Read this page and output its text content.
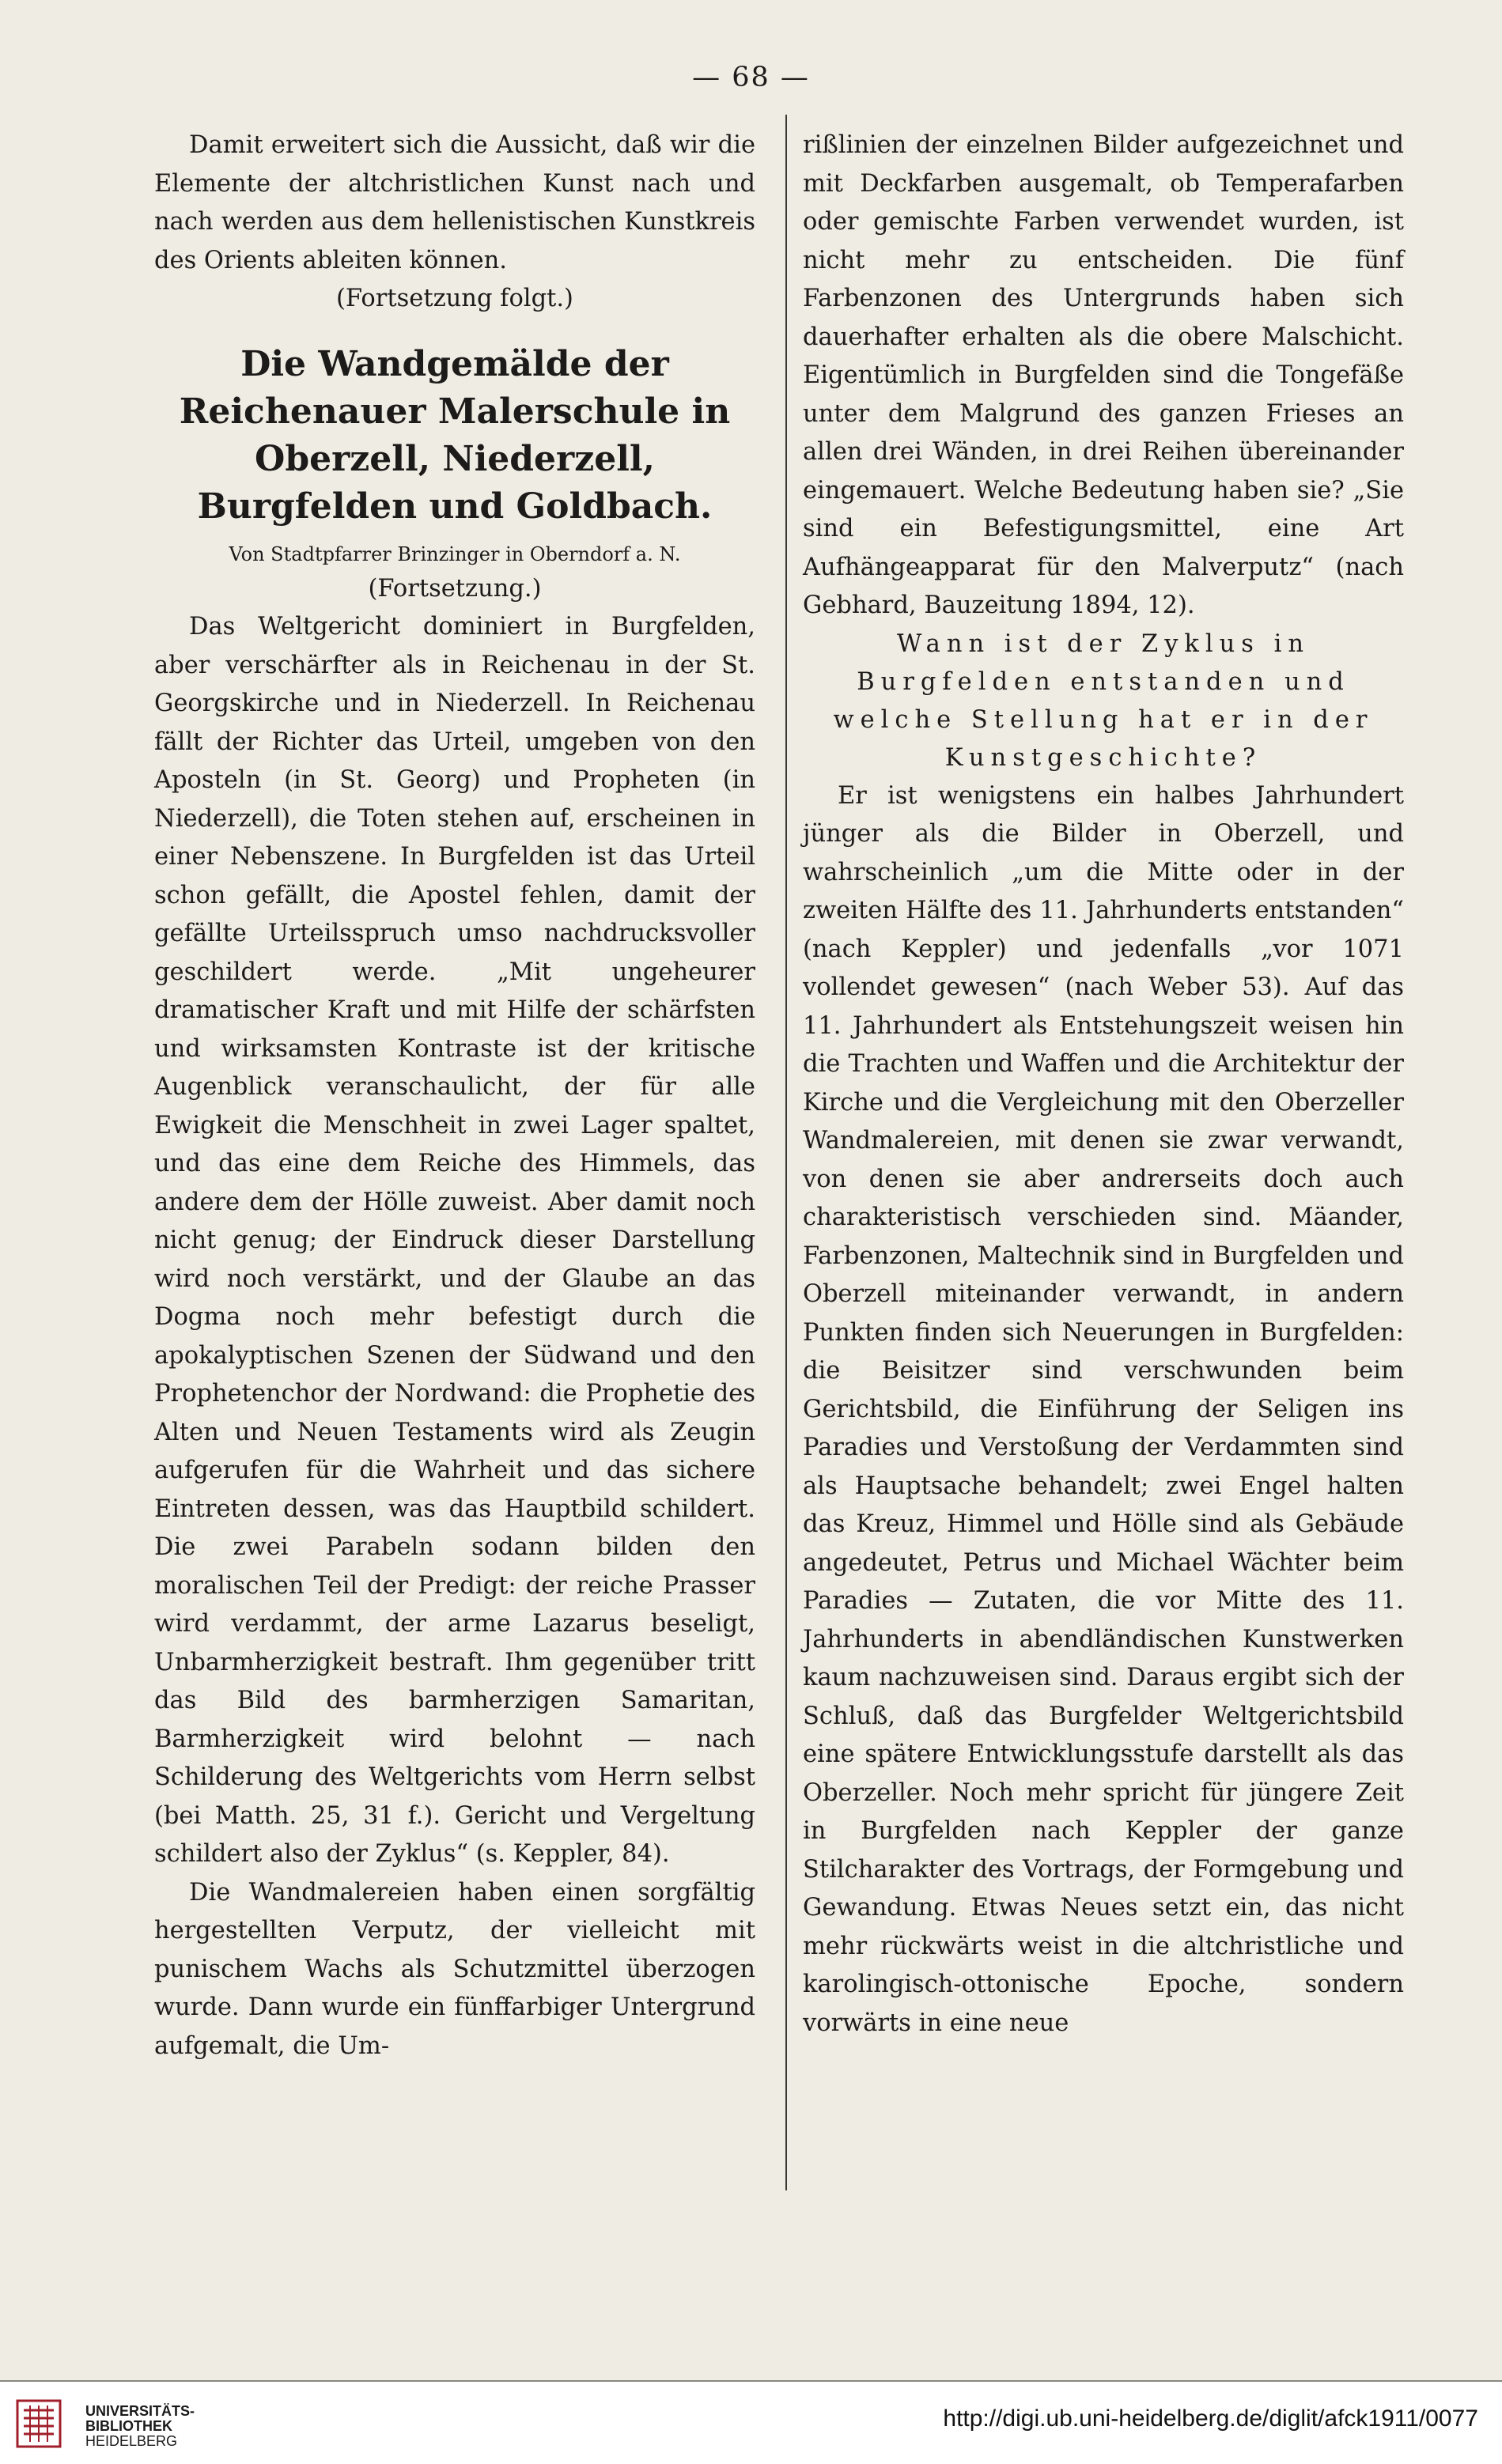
— 68 —

Damit erweitert sich die Aussicht, daß wir die Elemente der altchristlichen Kunst nach und nach werden aus dem hellenistischen Kunstkreis des Orients ableiten können.

(Fortsetzung folgt.)

Die Wandgemälde der Reichenauer Malerschule in Oberzell, Niederzell, Burgfelden und Goldbach.

Von Stadtpfarrer Brinzinger in Oberndorf a. N.

(Fortsetzung.)

Das Weltgericht dominiert in Burgfelden, aber verschärfter als in Reichenau in der St. Georgskirche und in Niederzell. In Reichenau fällt der Richter das Urteil, umgeben von den Aposteln (in St. Georg) und Propheten (in Niederzell), die Toten stehen auf, erscheinen in einer Nebenszene. In Burgfelden ist das Urteil schon gefällt, die Apostel fehlen, damit der gefällte Urteilsspruch umso nachdrucksvoller geschildert werde. „Mit ungeheurer dramatischer Kraft und mit Hilfe der schärfsten und wirksamsten Kontraste ist der kritische Augenblick veranschaulicht, der für alle Ewigkeit die Menschheit in zwei Lager spaltet, und das eine dem Reiche des Himmels, das andere dem der Hölle zuweist. Aber damit noch nicht genug; der Eindruck dieser Darstellung wird noch verstärkt, und der Glaube an das Dogma noch mehr befestigt durch die apokalyptischen Szenen der Südwand und den Prophetenchor der Nordwand: die Prophetie des Alten und Neuen Testaments wird als Zeugin aufgerufen für die Wahrheit und das sichere Eintreten dessen, was das Hauptbild schildert. Die zwei Parabeln sodann bilden den moralischen Teil der Predigt: der reiche Prasser wird verdammt, der arme Lazarus beseligt, Unbarmherzigkeit bestraft. Ihm gegenüber tritt das Bild des barmherzigen Samaritan, Barmherzigkeit wird belohnt — nach Schilderung des Weltgerichts vom Herrn selbst (bei Matth. 25, 31 f.). Gericht und Vergeltung schildert also der Zyklus“ (s. Keppler, 84).

Die Wandmalereien haben einen sorgfältig hergestellten Verputz, der vielleicht mit punischem Wachs als Schutzmittel überzogen wurde. Dann wurde ein fünffarbiger Untergrund aufgemalt, die Um-

rißlinien der einzelnen Bilder aufgezeichnet und mit Deckfarben ausgemalt, ob Temperafarben oder gemischte Farben verwendet wurden, ist nicht mehr zu entscheiden. Die fünf Farbenzonen des Untergrunds haben sich dauerhafter erhalten als die obere Malschicht. Eigentümlich in Burgfelden sind die Tongefäße unter dem Malgrund des ganzen Frieses an allen drei Wänden, in drei Reihen übereinander eingemauert. Welche Bedeutung haben sie? „Sie sind ein Befestigungsmittel, eine Art Aufhängeapparat für den Malverputz“ (nach Gebhard, Bauzeitung 1894, 12).

Wann ist der Zyklus in Burgfelden entstanden und welche Stellung hat er in der Kunstgeschichte?

Er ist wenigstens ein halbes Jahrhundert jünger als die Bilder in Oberzell, und wahrscheinlich „um die Mitte oder in der zweiten Hälfte des 11. Jahrhunderts entstanden“ (nach Keppler) und jedenfalls „vor 1071 vollendet gewesen“ (nach Weber 53). Auf das 11. Jahrhundert als Entstehungszeit weisen hin die Trachten und Waffen und die Architektur der Kirche und die Vergleichung mit den Oberzeller Wandmalereien, mit denen sie zwar verwandt, von denen sie aber andrerseits doch auch charakteristisch verschieden sind. Mäander, Farbenzonen, Maltechnik sind in Burgfelden und Oberzell miteinander verwandt, in andern Punkten finden sich Neuerungen in Burgfelden: die Beisitzer sind verschwunden beim Gerichtsbild, die Einführung der Seligen ins Paradies und Verstoßung der Verdammten sind als Hauptsache behandelt; zwei Engel halten das Kreuz, Himmel und Hölle sind als Gebäude angedeutet, Petrus und Michael Wächter beim Paradies — Zutaten, die vor Mitte des 11. Jahrhunderts in abendländischen Kunstwerken kaum nachzuweisen sind. Daraus ergibt sich der Schluß, daß das Burgfelder Weltgerichtsbild eine spätere Entwicklungsstufe darstellt als das Oberzeller. Noch mehr spricht für jüngere Zeit in Burgfelden nach Keppler der ganze Stilcharakter des Vortrags, der Formgebung und Gewandung. Etwas Neues setzt ein, das nicht mehr rückwärts weist in die altchristliche und karolingisch-ottonische Epoche, sondern vorwärts in eine neue

UNIVERSITÄTS-
BIBLIOTHEK
HEIDELBERG
http://digi.ub.uni-heidelberg.de/diglit/afck1911/0077
